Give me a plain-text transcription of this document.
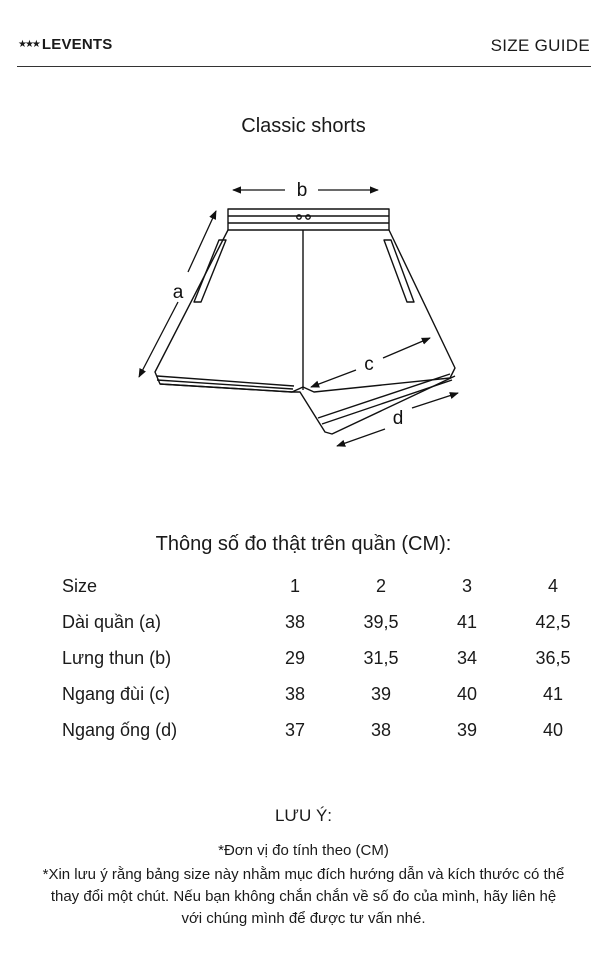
★★★ LEVENTS	SIZE GUIDE
Classic shorts
b
a
c
d
Thông số đo thật trên quần (CM):
Size	1	2	3	4
Dài quần (a)	38	39,5	41	42,5
Lưng thun (b)	29	31,5	34	36,5
Ngang đùi (c)	38	39	40	41
Ngang ống (d)	37	38	39	40
LƯU Ý:
*Đơn vị đo tính theo (CM)
*Xin lưu ý rằng bảng size này nhằm mục đích hướng dẫn và kích thước có thể thay đổi một chút. Nếu bạn không chắn chắn về số đo của mình, hãy liên hệ với chúng mình để được tư vấn nhé.
